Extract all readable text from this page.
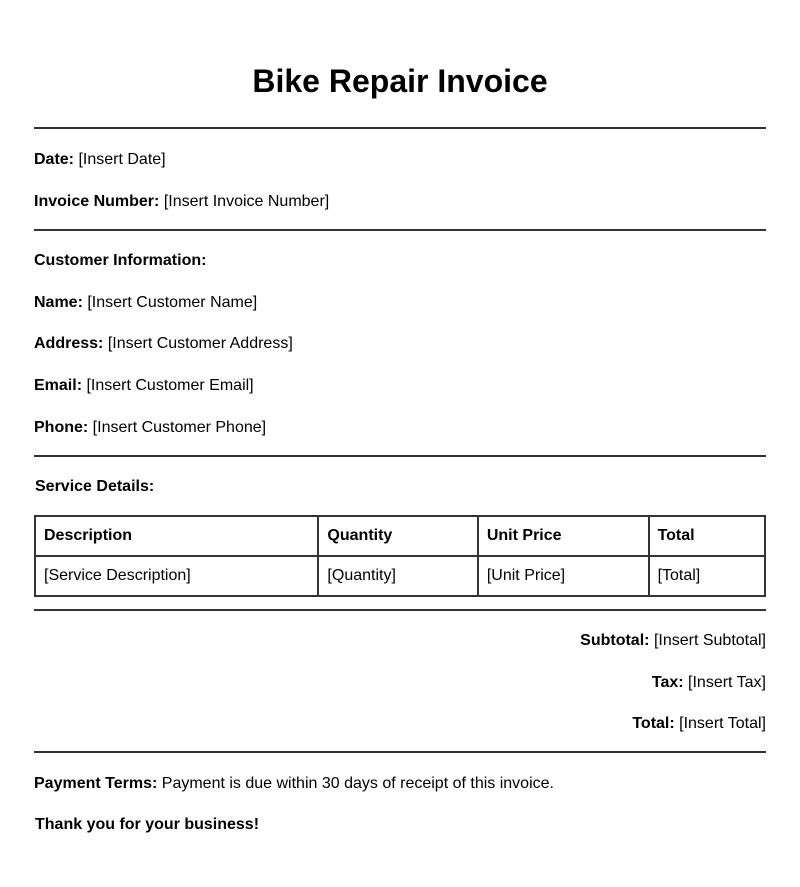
Bike Repair Invoice
Date: [Insert Date]
Invoice Number: [Insert Invoice Number]
Customer Information:
Name: [Insert Customer Name]
Address: [Insert Customer Address]
Email: [Insert Customer Email]
Phone: [Insert Customer Phone]
Service Details:
Description	Quantity	Unit Price	Total
[Service Description]	[Quantity]	[Unit Price]	[Total]
Subtotal: [Insert Subtotal]
Tax: [Insert Tax]
Total: [Insert Total]
Payment Terms: Payment is due within 30 days of receipt of this invoice.
Thank you for your business!
